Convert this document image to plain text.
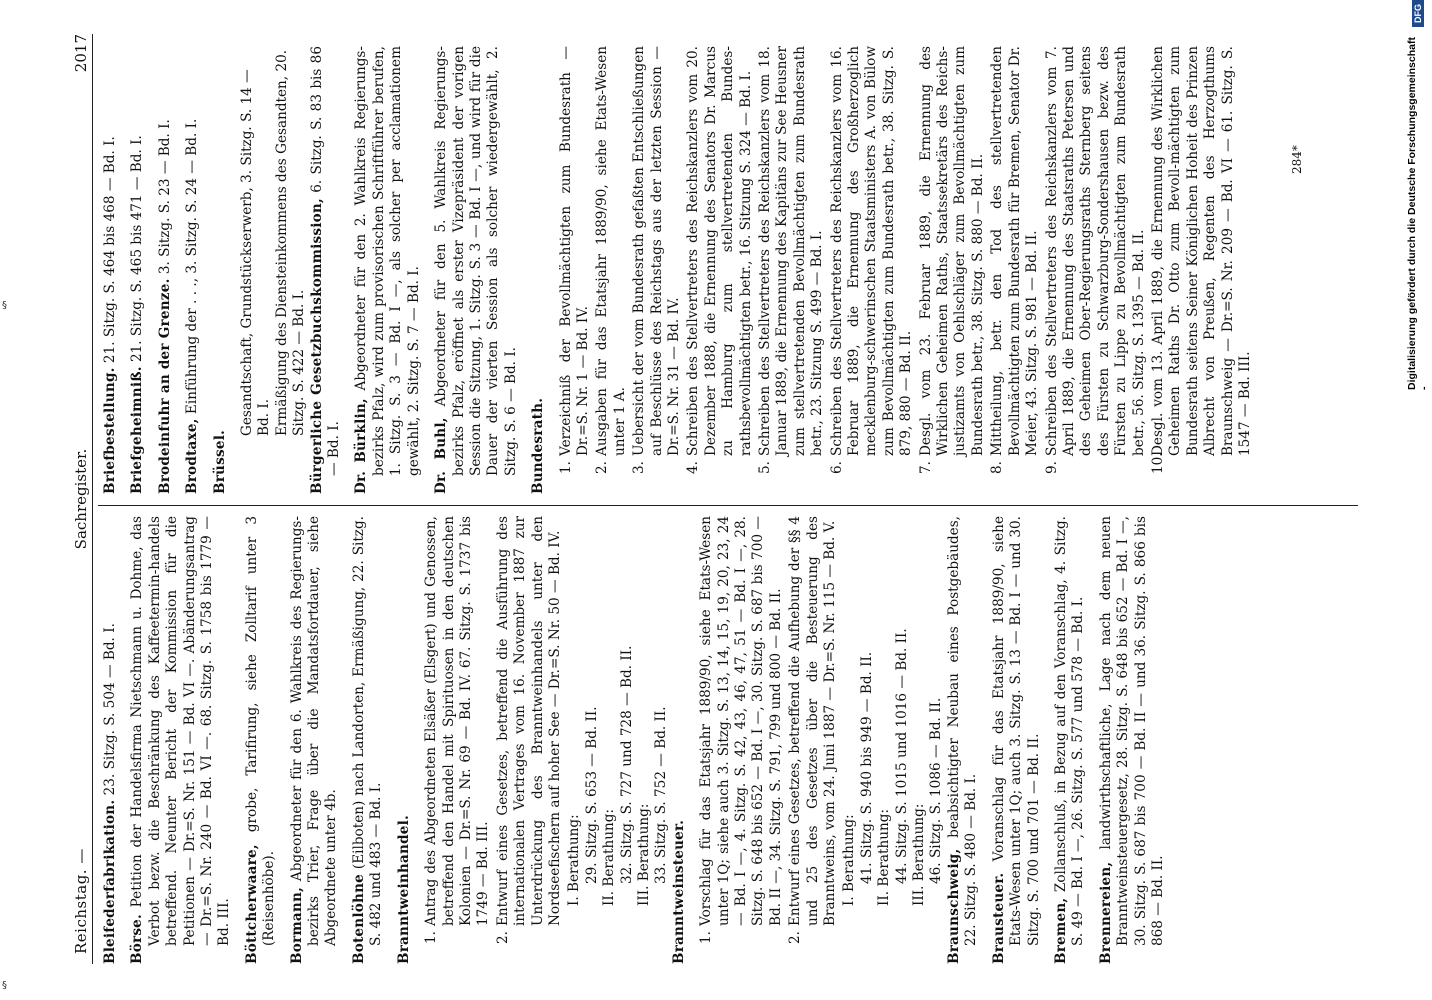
Reichstag. —
Sachregister.
2017
Bleifederfabrikation. 23. Sitzg. S. 504 — Bd. I.
Börse. Petition der Handelsfirma Nietschmann u. Dohme, das Verbot bezw. die Beschränkung des Kaffeetermin-handels betreffend. Neunter Bericht der Kommission für die Petitionen — Dr.=S. Nr. 151 — Bd. VI —. Abänderungsantrag — Dr.=S. Nr. 240 — Bd. VI —. 68. Sitzg. S. 1758 bis 1779 — Bd. III. Böttcherwaare, grobe, Tarifirung, siehe Zolltarif unter 3 (Reisenhöbe). Bormann, Abgeordneter für den 6. Wahlkreis des Regierungs-bezirks Trier, Frage über die Mandatsfortdauer, siehe Abgeordnete unter 4b. Botenlöhne (Eilboten) nach Landorten, Ermäßigung, 22. Sitzg. S. 482 und 483 — Bd. I. Branntweinhandel. 1.Antrag des Abgeordneten Elsäßer (Elsgert) und Genossen, betreffend den Handel mit Spirituosen in den deutschen Kolonien — Dr.=S. Nr. 69 — Bd. IV. 67. Sitzg. S. 1737 bis 1749 — Bd. III.
2.Entwurf eines Gesetzes, betreffend die Ausführung des internationalen Vertrages vom 16. November 1887 zur Unterdrückung des Branntweinhandels unter den Nordseefischern auf hoher See — Dr.=S. Nr. 50 — Bd. IV. I. Berathung: 29. Sitzg. S. 653 — Bd. II. II. Berathung: 32. Sitzg. S. 727 und 728 — Bd. II. III. Berathung: 33. Sitzg. S. 752 — Bd. II.
Branntweinsteuer. 1.Vorschlag für das Etatsjahr 1889/90, siehe Etats-Wesen unter 1Q; siehe auch 3. Sitzg. S. 13, 14, 15, 19, 20, 23, 24 — Bd. I —, 4. Sitzg. S. 42, 43, 46, 47, 51 — Bd. I —, 28. Sitzg. S. 648 bis 652 — Bd. I —, 30. Sitzg. S. 687 bis 700 — Bd. II —, 34. Sitzg. S. 791, 799 und 800 — Bd. II.
2.Entwurf eines Gesetzes, betreffend die Aufhebung der §§ 4 und 25 des Gesetzes über die Besteuerung des Branntweins, vom 24. Juni 1887 — Dr.=S. Nr. 115 — Bd. V. I. Berathung: 41. Sitzg. S. 940 bis 949 — Bd. II. II. Berathung: 44. Sitzg. S. 1015 und 1016 — Bd. II. III. Berathung: 46. Sitzg. S. 1086 — Bd. II.
Braunschweig, beabsichtigter Neubau eines Postgebäudes, 22. Sitzg. S. 480 — Bd. I. Brausteuer. Voranschlag für das Etatsjahr 1889/90, siehe Etats-Wesen unter 1Q; auch 3. Sitzg. S. 13 — Bd. I — und 30. Sitzg. S. 700 und 701 — Bd. II. Bremen, Zollanschluß, in Bezug auf den Voranschlag, 4. Sitzg. S. 49 — Bd. I —, 26. Sitzg. S. 577 und 578 — Bd. I. Brennereien, landwirthschaftliche, Lage nach dem neuen Branntweinsteuergesetz, 28. Sitzg. S. 648 bis 652 — Bd. I —, 30. Sitzg. S. 687 bis 700 — Bd. II — und 36. Sitzg. S. 866 bis 868 — Bd. II.
Briefbestellung. 21. Sitzg. S. 464 bis 468 — Bd. I.
Briefgeheimniß. 21. Sitzg. S. 465 bis 471 — Bd. I.
Brodeinfuhr an der Grenze. 3. Sitzg. S. 23 — Bd. I.
Brodtaxe, Einführung der . . ., 3. Sitzg. S. 24 — Bd. I.
Brüssel.
Gesandtschaft, Grundstückserwerb, 3. Sitzg. S. 14 — Bd. I. Ermäßigung des Diensteinkommens des Gesandten, 20. Sitzg. S. 422 — Bd. I. Bürgerliche Gesetzbuchskommission, 6. Sitzg. S. 83 bis 86 — Bd. I. Dr. Bürklin, Abgeordneter für den 2. Wahlkreis Regierungs-bezirks Pfalz, wird zum provisorischen Schriftführer berufen, 1. Sitzg. S. 3 — Bd. I —, als solcher per acclamationem gewählt, 2. Sitzg. S. 7 — Bd. I. Dr. Buhl, Abgeordneter für den 5. Wahlkreis Regierungs-bezirks Pfalz, eröffnet als erster Vizepräsident der vorigen Session die Sitzung, 1. Sitzg. S. 3 — Bd. I —, und wird für die Dauer der vierten Session als solcher wiedergewählt, 2. Sitzg. S. 6 — Bd. I. Bundesrath. 1.Verzeichniß der Bevollmächtigten zum Bundesrath — Dr.=S. Nr. 1 — Bd. IV.
2.Ausgaben für das Etatsjahr 1889/90, siehe Etats-Wesen unter 1 A.
3.Uebersicht der vom Bundesrath gefaßten Entschließungen auf Beschlüsse des Reichstags aus der letzten Session — Dr.=S. Nr. 31 — Bd. IV.
4.Schreiben des Stellvertreters des Reichskanzlers vom 20. Dezember 1888, die Ernennung des Senators Dr. Marcus zu Hamburg zum stellvertretenden Bundes-rathsbevollmächtigten betr., 16. Sitzung S. 324 — Bd. I.
5.Schreiben des Stellvertreters des Reichskanzlers vom 18. Januar 1889, die Ernennung des Kapitäns zur See Heusner zum stellvertretenden Bevollmächtigten zum Bundesrath betr., 23. Sitzung S. 499 — Bd. I.
6.Schreiben des Stellvertreters des Reichskanzlers vom 16. Februar 1889, die Ernennung des Großherzoglich mecklenburg-schwerinschen Staatsministers A. von Bülow zum Bevollmächtigten zum Bundesrath betr., 38. Sitzg. S. 879, 880 — Bd. II.
7.Desgl. vom 23. Februar 1889, die Ernennung des Wirklichen Geheimen Raths, Staatssekretärs des Reichs-justizamts von Oehlschläger zum Bevollmächtigten zum Bundesrath betr., 38. Sitzg. S. 880 — Bd. II.
8.Mittheilung, betr. den Tod des stellvertretenden Bevollmächtigten zum Bundesrath für Bremen, Senator Dr. Meier, 43. Sitzg. S. 981 — Bd. II.
9.Schreiben des Stellvertreters des Reichskanzlers vom 7. April 1889, die Ernennung des Staatsraths Petersen und des Geheimen Ober-Regierungsraths Sternberg seitens des Fürsten zu Schwarzburg-Sondershausen bezw. des Fürsten zu Lippe zu Bevollmächtigten zum Bundesrath betr., 56. Sitzg. S. 1395 — Bd. II.
10.Desgl. vom 13. April 1889, die Ernennung des Wirklichen Geheimen Raths Dr. Otto zum Bevoll-mächtigten zum Bundesrath seitens Seiner Königlichen Hoheit des Prinzen Albrecht von Preußen, Regenten des Herzogthums Braunschweig — Dr.=S. Nr. 209 — Bd. VI — 61. Sitzg. S. 1547 — Bd. III.
284*	Digitalisierung gefördert durch die Deutsche Forschungsgemeinschaft -
DFG
§
§
